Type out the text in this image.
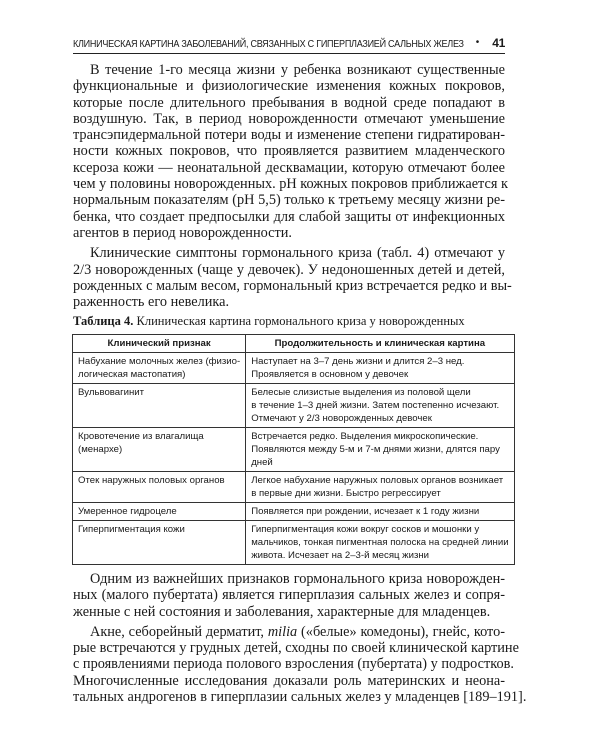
КЛИНИЧЕСКАЯ КАРТИНА ЗАБОЛЕВАНИЙ, СВЯЗАННЫХ С ГИПЕРПЛАЗИЕЙ САЛЬНЫХ ЖЕЛЕЗ • 41
В течение 1-го месяца жизни у ребенка возникают существенные
функциональные и физиологические изменения кожных покровов,
которые после длительного пребывания в водной среде попадают в
воздушную. Так, в период новорожденности отмечают уменьшение
трансэпидермальной потери воды и изменение степени гидратирован-
ности кожных покровов, что проявляется развитием младенческого
ксероза кожи — неонатальной десквамации, которую отмечают более
чем у половины новорожденных. pH кожных покровов приближается к
нормальным показателям (pH 5,5) только к третьему месяцу жизни ре-
бенка, что создает предпосылки для слабой защиты от инфекционных
агентов в период новорожденности.
Клинические симптоны гормонального криза (табл. 4) отмечают у
2/3 новорожденных (чаще у девочек). У недоношенных детей и детей,
рожденных с малым весом, гормональный криз встречается редко и вы-
раженность его невелика.
Таблица 4. Клиническая картина гормонального криза у новорожденных
Клинический признак	Продолжительность и клиническая картина

Набухание молочных желез (физио-
логическая мастопатия)	Наступает на 3–7 день жизни и длится 2–3 нед.
Проявляется в основном у девочек

Вульвовагинит	Белесые слизистые выделения из половой щели
в течение 1–3 дней жизни. Затем постепенно исчезают.
Отмечают у 2/3 новорожденных девочек

Кровотечение из влагалища
(менархе)	Встречается редко. Выделения микроскопические.
Появляются между 5-м и 7-м днями жизни, длятся пару
дней

Отек наружных половых органов	Легкое набухание наружных половых органов возникает
в первые дни жизни. Быстро регрессирует

Умеренное гидроцеле	Появляется при рождении, исчезает к 1 году жизни

Гиперпигментация кожи	Гиперпигментация кожи вокруг сосков и мошонки у
мальчиков, тонкая пигментная полоска на средней линии
живота. Исчезает на 2–3-й месяц жизни
Одним из важнейших признаков гормонального криза новорожден-
ных (малого пубертата) является гиперплазия сальных желез и сопря-
женные с ней состояния и заболевания, характерные для младенцев.
Акне, себорейный дерматит, milia («белые» комедоны), гнейс, кото-
рые встречаются у грудных детей, сходны по своей клинической картине
с проявлениями периода полового взросления (пубертата) у подростков.
Многочисленные исследования доказали роль материнских и неона-
тальных андрогенов в гиперплазии сальных желез у младенцев [189–191].
